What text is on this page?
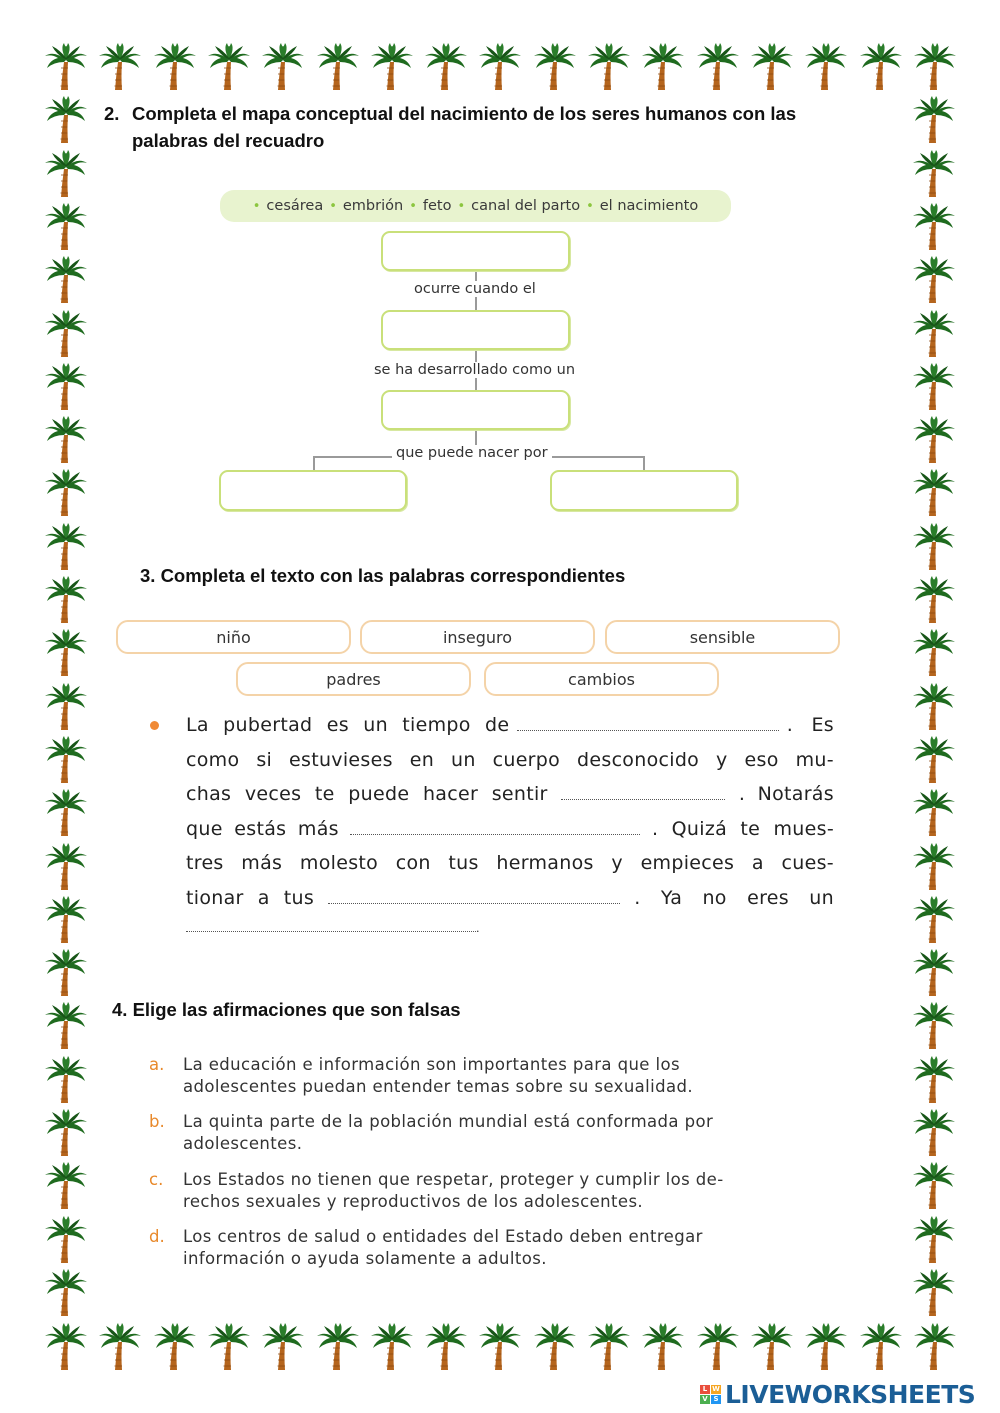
2. Completa el mapa conceptual del nacimiento de los seres humanos con las
palabras del recuadro
• cesárea • embrión • feto • canal del parto • el nacimiento
ocurre cuando el
se ha desarrollado como un
que puede nacer por
3. Completa el texto con las palabras correspondientes
niño	inseguro	sensible
padres	cambios
La pubertad es un tiempo de	. Es
como si estuvieses en un cuerpo desconocido y eso mu-
chas veces te puede hacer sentir	. Notarás
que estás más	. Quizá te mues-
tres más molesto con tus hermanos y empieces a cues-
tionar a tus	. Ya no eres un
.
4. Elige las afirmaciones que son falsas
a. La educación e información son importantes para que los
adolescentes puedan entender temas sobre su sexualidad.
b. La quinta parte de la población mundial está conformada por
adolescentes.
c. Los Estados no tienen que respetar, proteger y cumplir los de-
rechos sexuales y reproductivos de los adolescentes.
d. Los centros de salud o entidades del Estado deben entregar
información o ayuda solamente a adultos.
L W
V S LIVEWORKSHEETS
